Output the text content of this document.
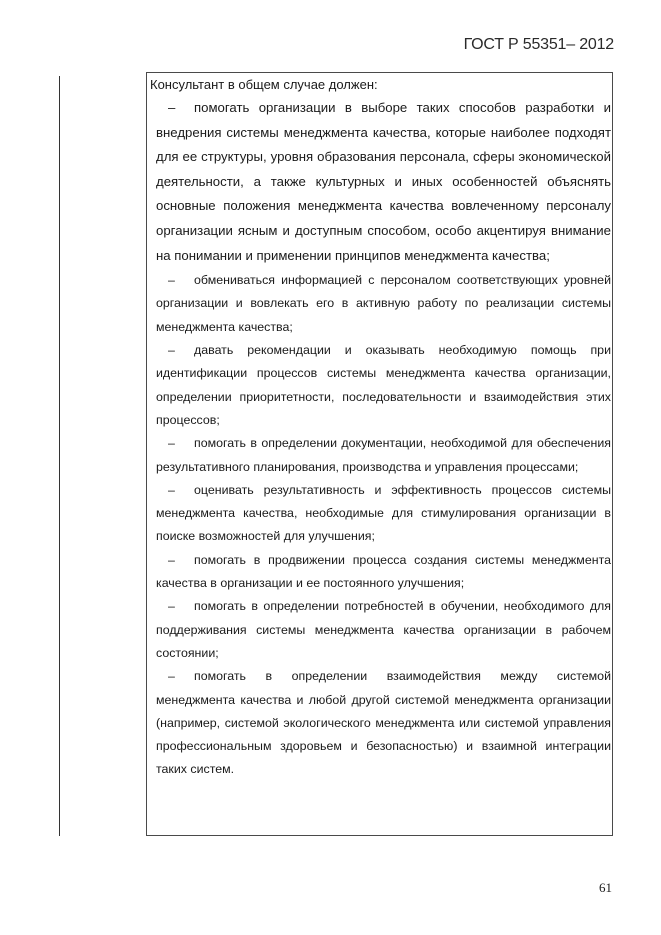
ГОСТ Р 55351– 2012
Консультант в общем случае должен:
– помогать организации в выборе таких способов разработки и внедрения системы менеджмента качества, которые наиболее подходят для ее структуры, уровня образования персонала, сферы экономической деятельности, а также культурных и иных особенностей объяснять основные положения менеджмента качества вовлеченному персоналу организации ясным и доступным способом, особо акцентируя внимание на понимании и применении принципов менеджмента качества;
– обмениваться информацией с персоналом соответствующих уровней организации и вовлекать его в активную работу по реализации системы менеджмента качества;
– давать рекомендации и оказывать необходимую помощь при идентификации процессов системы менеджмента качества организации, определении приоритетности, последовательности и взаимодействия этих процессов;
– помогать в определении документации, необходимой для обеспечения результативного планирования, производства и управления процессами;
– оценивать результативность и эффективность процессов системы менеджмента качества, необходимые для стимулирования организации в поиске возможностей для улучшения;
– помогать в продвижении процесса создания системы менеджмента качества в организации и ее постоянного улучшения;
– помогать в определении потребностей в обучении, необходимого для поддерживания системы менеджмента качества организации в рабочем состоянии;
– помогать в определении взаимодействия между системой менеджмента качества и любой другой системой менеджмента организации (например, системой экологического менеджмента или системой управления профессиональным здоровьем и безопасностью) и взаимной интеграции таких систем.
61
